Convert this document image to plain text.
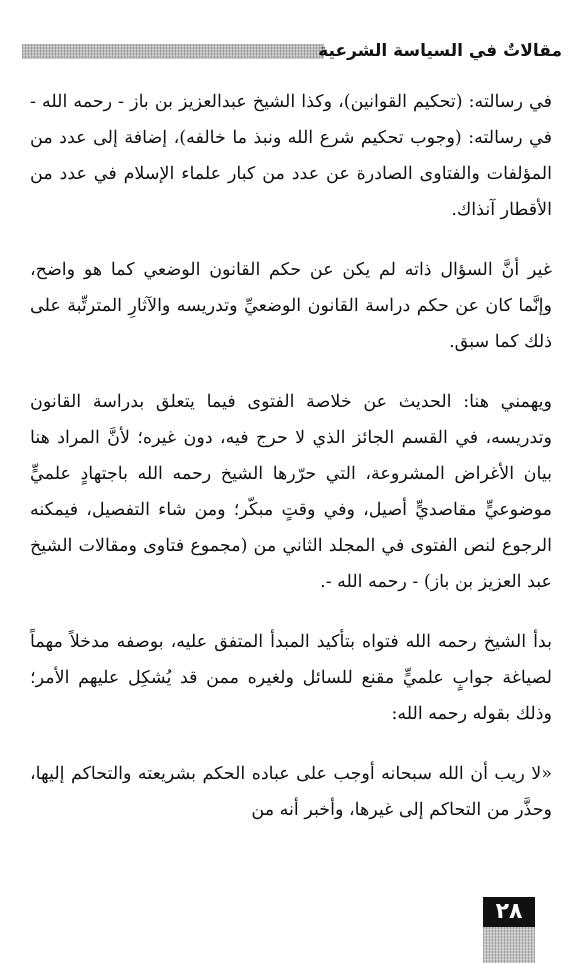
مقالاتٌ في السياسة الشرعية

في رسالته: (تحكيم القوانين)، وكذا الشيخ عبدالعزيز بن باز - رحمه الله - في رسالته: (وجوب تحكيم شرع الله ونبذ ما خالفه)، إضافة إلى عدد من المؤلفات والفتاوى الصادرة عن عدد من كبار علماء الإسلام في عدد من الأقطار آنذاك.

غير أنَّ السؤال ذاته لم يكن عن حكم القانون الوضعي كما هو واضح، وإنَّما كان عن حكم دراسة القانون الوضعيِّ وتدريسه والآثارِ المترتِّبة على ذلك كما سبق.

ويهمني هنا: الحديث عن خلاصة الفتوى فيما يتعلق بدراسة القانون وتدريسه، في القسم الجائز الذي لا حرج فيه، دون غيره؛ لأنَّ المراد هنا بيان الأغراض المشروعة، التي حرّرها الشيخ رحمه الله باجتهادٍ علميٍّ موضوعيٍّ مقاصديٍّ أصيل، وفي وقتٍ مبكّر؛ ومن شاء التفصيل، فيمكنه الرجوع لنص الفتوى في المجلد الثاني من (مجموع فتاوى ومقالات الشيخ عبد العزيز بن باز) - رحمه الله -.

بدأ الشيخ رحمه الله فتواه بتأكيد المبدأ المتفق عليه، بوصفه مدخلاً مهماً لصياغة جوابٍ علميٍّ مقنع للسائل ولغيره ممن قد يُشكِل عليهم الأمر؛ وذلك بقوله رحمه الله:

«لا ريب أن الله سبحانه أوجب على عباده الحكم بشريعته والتحاكم إليها، وحذَّر من التحاكم إلى غيرها، وأخبر أنه من

٢٨
